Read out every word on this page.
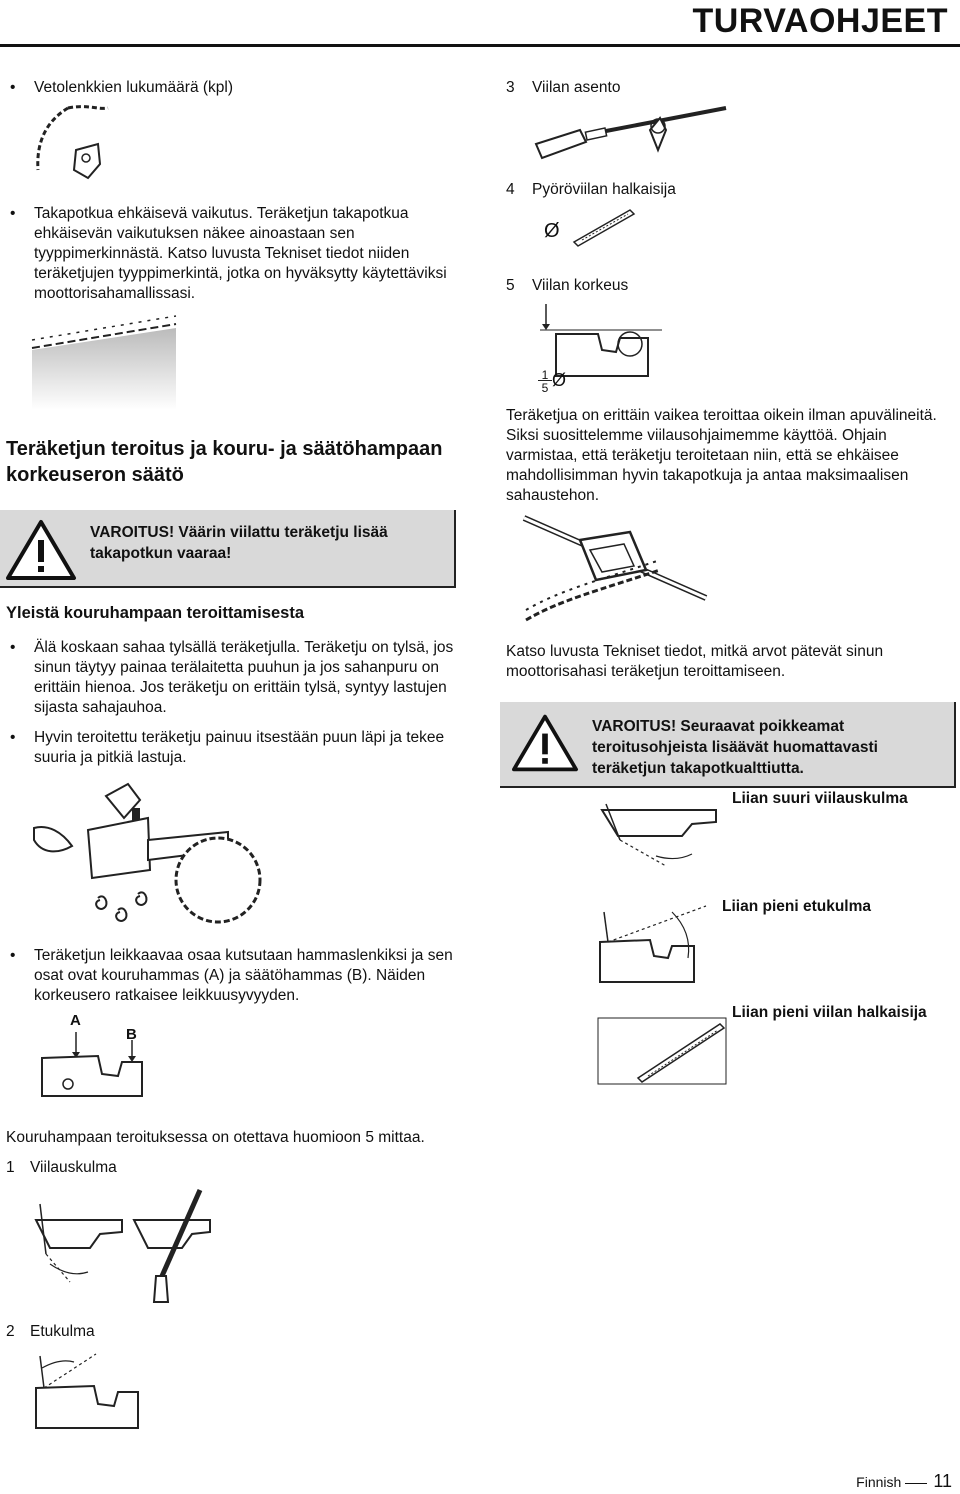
TURVAOHJEET
• Vetolenkkien lukumäärä (kpl)
• Takapotkua ehkäisevä vaikutus. Teräketjun takapotkua ehkäisevän vaikutuksen näkee ainoastaan sen tyyppimerkinnästä. Katso luvusta Tekniset tiedot niiden teräketjujen tyyppimerkintä, jotka on hyväksytty käytettäviksi moottorisahamallissasi.
Teräketjun teroitus ja kouru- ja säätöhampaan korkeuseron säätö
VAROITUS! Väärin viilattu teräketju lisää takapotkun vaaraa!
Yleistä kouruhampaan teroittamisesta
• Älä koskaan sahaa tylsällä teräketjulla. Teräketju on tylsä, jos sinun täytyy painaa terälaitetta puuhun ja jos sahanpuru on erittäin hienoa. Jos teräketju on erittäin tylsä, syntyy lastujen sijasta sahajauhoa.
• Hyvin teroitettu teräketju painuu itsestään puun läpi ja tekee suuria ja pitkiä lastuja.
• Teräketjun leikkaavaa osaa kutsutaan hammaslenkiksi ja sen osat ovat kouruhammas (A) ja säätöhammas (B). Näiden korkeusero ratkaisee leikkuusyvyyden.
A
B
Kouruhampaan teroituksessa on otettava huomioon 5 mittaa.
1 Viilauskulma
2 Etukulma
3 Viilan asento
4 Pyöröviilan halkaisija
Ø
5 Viilan korkeus
1
5 Ø
Teräketjua on erittäin vaikea teroittaa oikein ilman apuvälineitä. Siksi suosittelemme viilausohjaimemme käyttöä. Ohjain varmistaa, että teräketju teroitetaan niin, että se ehkäisee mahdollisimman hyvin takapotkuja ja antaa maksimaalisen sahaustehon.
Katso luvusta Tekniset tiedot, mitkä arvot pätevät sinun moottorisahasi teräketjun teroittamiseen.
VAROITUS! Seuraavat poikkeamat teroitusohjeista lisäävät huomattavasti teräketjun takapotkualttiutta.
Liian suuri viilauskulma
Liian pieni etukulma
Liian pieni viilan halkaisija
Finnish 11
